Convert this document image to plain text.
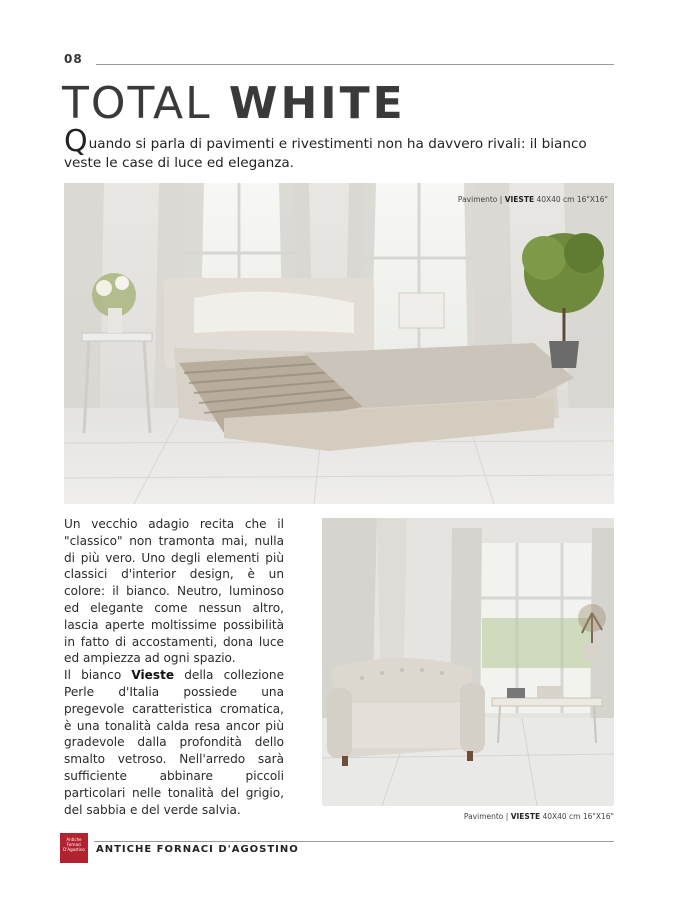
08
TOTAL WHITE
Quando si parla di pavimenti e rivestimenti non ha davvero rivali: il bianco veste le case di luce ed eleganza.
Pavimento | VIESTE 40X40 cm 16"X16"

Un vecchio adagio recita che il "classico" non tramonta mai, nulla di più vero. Uno degli elementi più classici d'interior design, è un colore: il bianco. Neutro, luminoso ed elegante come nessun altro, lascia aperte moltissime possibilità in fatto di accostamenti, dona luce ed ampiezza ad ogni spazio.

Il bianco Vieste della collezione Perle d'Italia possiede una pregevole caratteristica cromatica, è una tonalità calda resa ancor più gradevole dalla profondità dello smalto vetroso. Nell'arredo sarà sufficiente abbinare piccoli particolari nelle tonalità del grigio, del sabbia e del verde salvia.	Pavimento | VIESTE 40X40 cm 16"X16"
Antiche
Fornaci
D'Agostino ANTICHE FORNACI D'AGOSTINO
